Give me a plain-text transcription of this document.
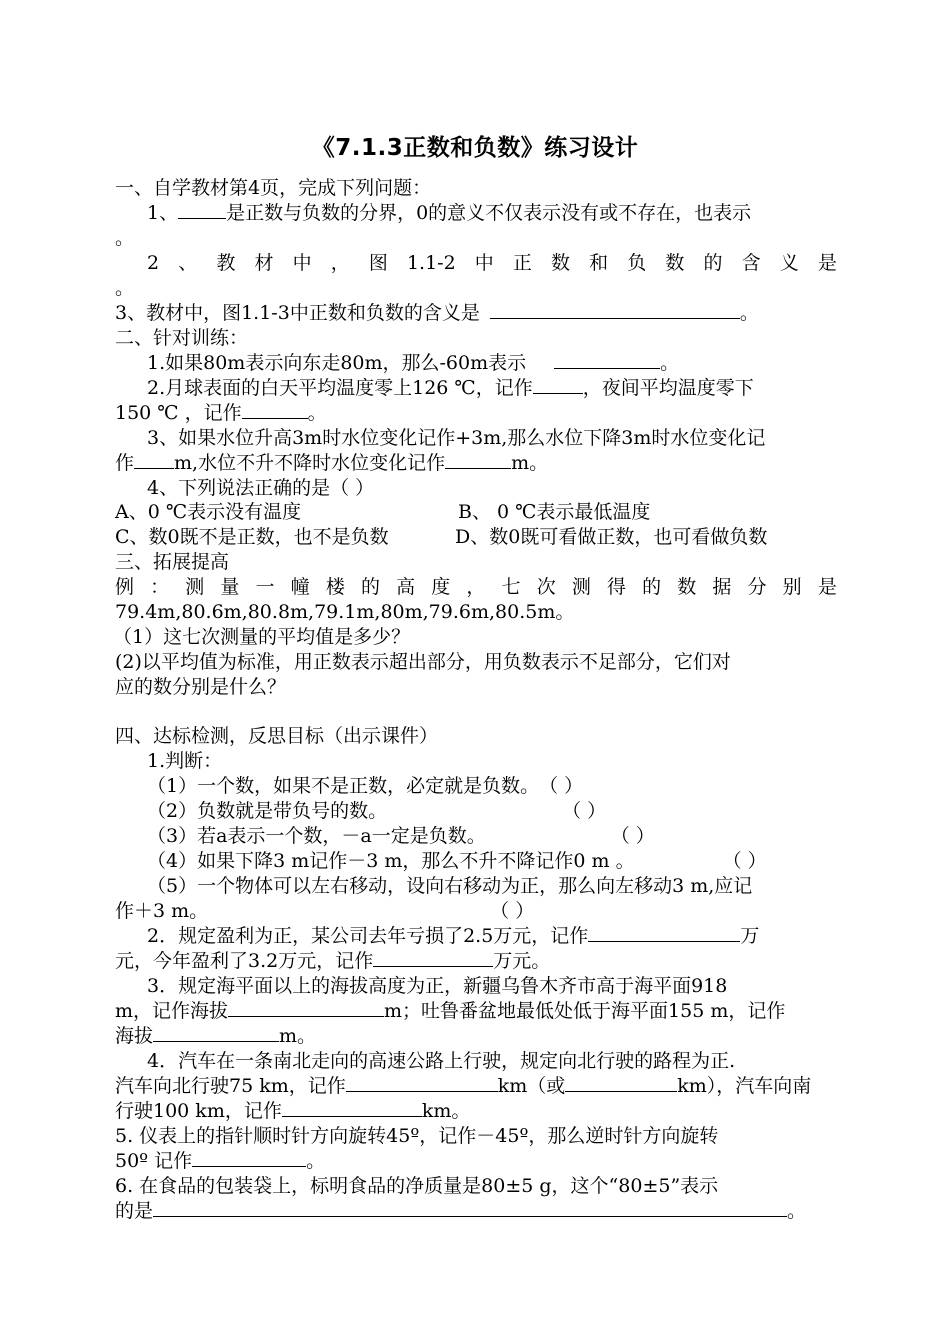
《7.1.3正数和负数》练习设计
一、自学教材第4页，完成下列问题：
1、	是正数与负数的分界，0的意义不仅表示没有或不存在，也表示
。
2 、 教 材 中 ， 图 1.1-2 中 正 数 和 负 数 的 含 义 是
。
3、教材中，图1.1-3中正数和负数的含义是	。
二、针对训练：
1.如果80m表示向东走80m，那么-60m表示	。
2.月球表面的白天平均温度零上126 ℃，记作	，夜间平均温度零下
150 ℃ ，记作	。
3、如果水位升高3m时水位变化记作+3m,那么水位下降3m时水位变化记
作 m,水位不升不降时水位变化记作	m。
4、下列说法正确的是（ ）
A、0 ℃表示没有温度	B、 0 ℃表示最低温度
C、数0既不是正数，也不是负数	D、数0既可看做正数，也可看做负数
三、拓展提高
例 ： 测 量 一 幢 楼 的 高 度 ， 七 次 测 得 的 数 据 分 别 是
79.4m,80.6m,80.8m,79.1m,80m,79.6m,80.5m。
（1）这七次测量的平均值是多少？
(2)以平均值为标准，用正数表示超出部分，用负数表示不足部分，它们对
应的数分别是什么？
四、达标检测，反思目标（出示课件）
1.判断：
（1）一个数，如果不是正数，必定就是负数。（ ）
（2）负数就是带负号的数。	（ ）
（3）若a表示一个数，－a一定是负数。	（ ）
（4）如果下降3 m记作－3 m，那么不升不降记作0 m 。	（ ）
（5）一个物体可以左右移动，设向右移动为正，那么向左移动3 m,应记
作＋3 m。	（ ）
2．规定盈利为正，某公司去年亏损了2.5万元，记作	万
元，今年盈利了3.2万元，记作	万元。
3．规定海平面以上的海拔高度为正，新疆乌鲁木齐市高于海平面918
m，记作海拔	m；吐鲁番盆地最低处低于海平面155 m，记作
海拔	m。
4．汽车在一条南北走向的高速公路上行驶，规定向北行驶的路程为正.
汽车向北行驶75 km，记作	km（或	km），汽车向南
行驶100 km，记作	km。
5. 仪表上的指针顺时针方向旋转45º，记作－45º，那么逆时针方向旋转
50º 记作	。
6. 在食品的包装袋上，标明食品的净质量是80±5 g，这个“80±5”表示
的是	。
